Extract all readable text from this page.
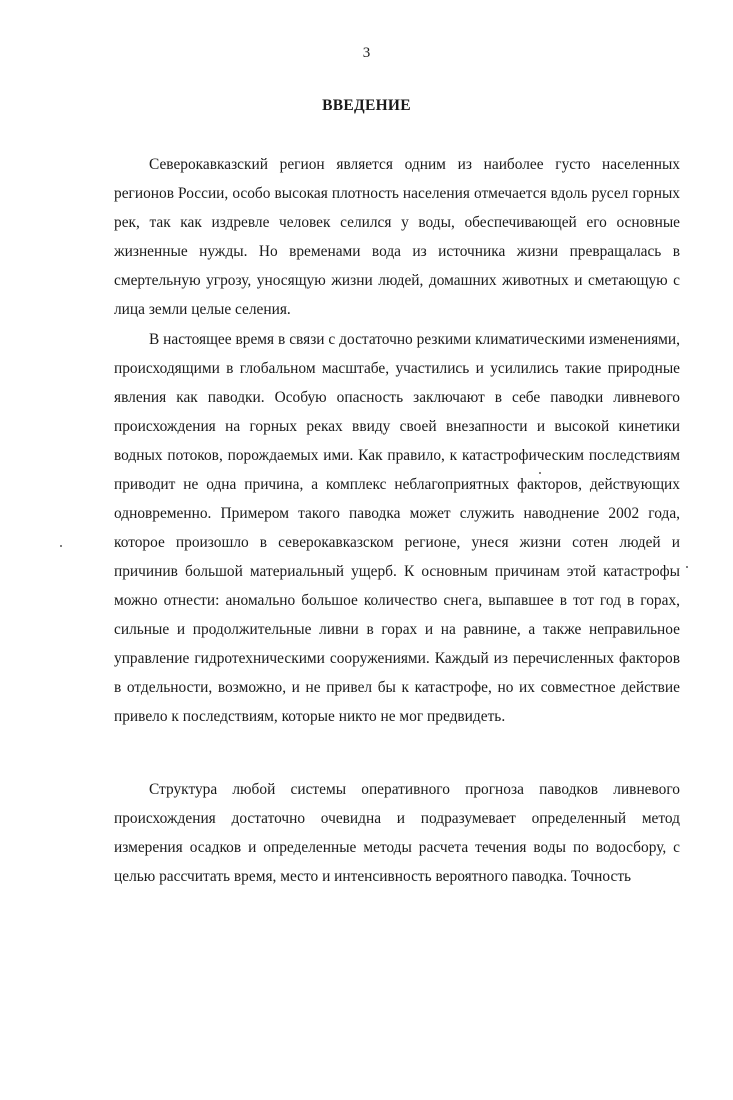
3
ВВЕДЕНИЕ

Северокавказский регион является одним из наиболее густо населенных регионов России, особо высокая плотность населения отмечается вдоль русел горных рек, так как издревле человек селился у воды, обеспечивающей его основные жизненные нужды. Но временами вода из источника жизни превращалась в смертельную угрозу, уносящую жизни людей, домашних животных и сметающую с лица земли целые селения.

В настоящее время в связи с достаточно резкими климатическими изменениями, происходящими в глобальном масштабе, участились и усилились такие природные явления как паводки. Особую опасность заключают в себе паводки ливневого происхождения на горных реках ввиду своей внезапности и высокой кинетики водных потоков, порождаемых ими. Как правило, к катастрофическим последствиям приводит не одна причина, а комплекс неблагоприятных факторов, действующих одновременно. Примером такого паводка может служить наводнение 2002 года, которое произошло в северокавказском регионе, унеся жизни сотен людей и причинив большой материальный ущерб. К основным причинам этой катастрофы можно отнести: аномально большое количество снега, выпавшее в тот год в горах, сильные и продолжительные ливни в горах и на равнине, а также неправильное управление гидротехническими сооружениями. Каждый из перечисленных факторов в отдельности, возможно, и не привел бы к катастрофе, но их совместное действие привело к последствиям, которые никто не мог предвидеть.

Структура любой системы оперативного прогноза паводков ливневого происхождения достаточно очевидна и подразумевает определенный метод измерения осадков и определенные методы расчета течения воды по водосбору, с целью рассчитать время, место и интенсивность вероятного паводка. Точность
